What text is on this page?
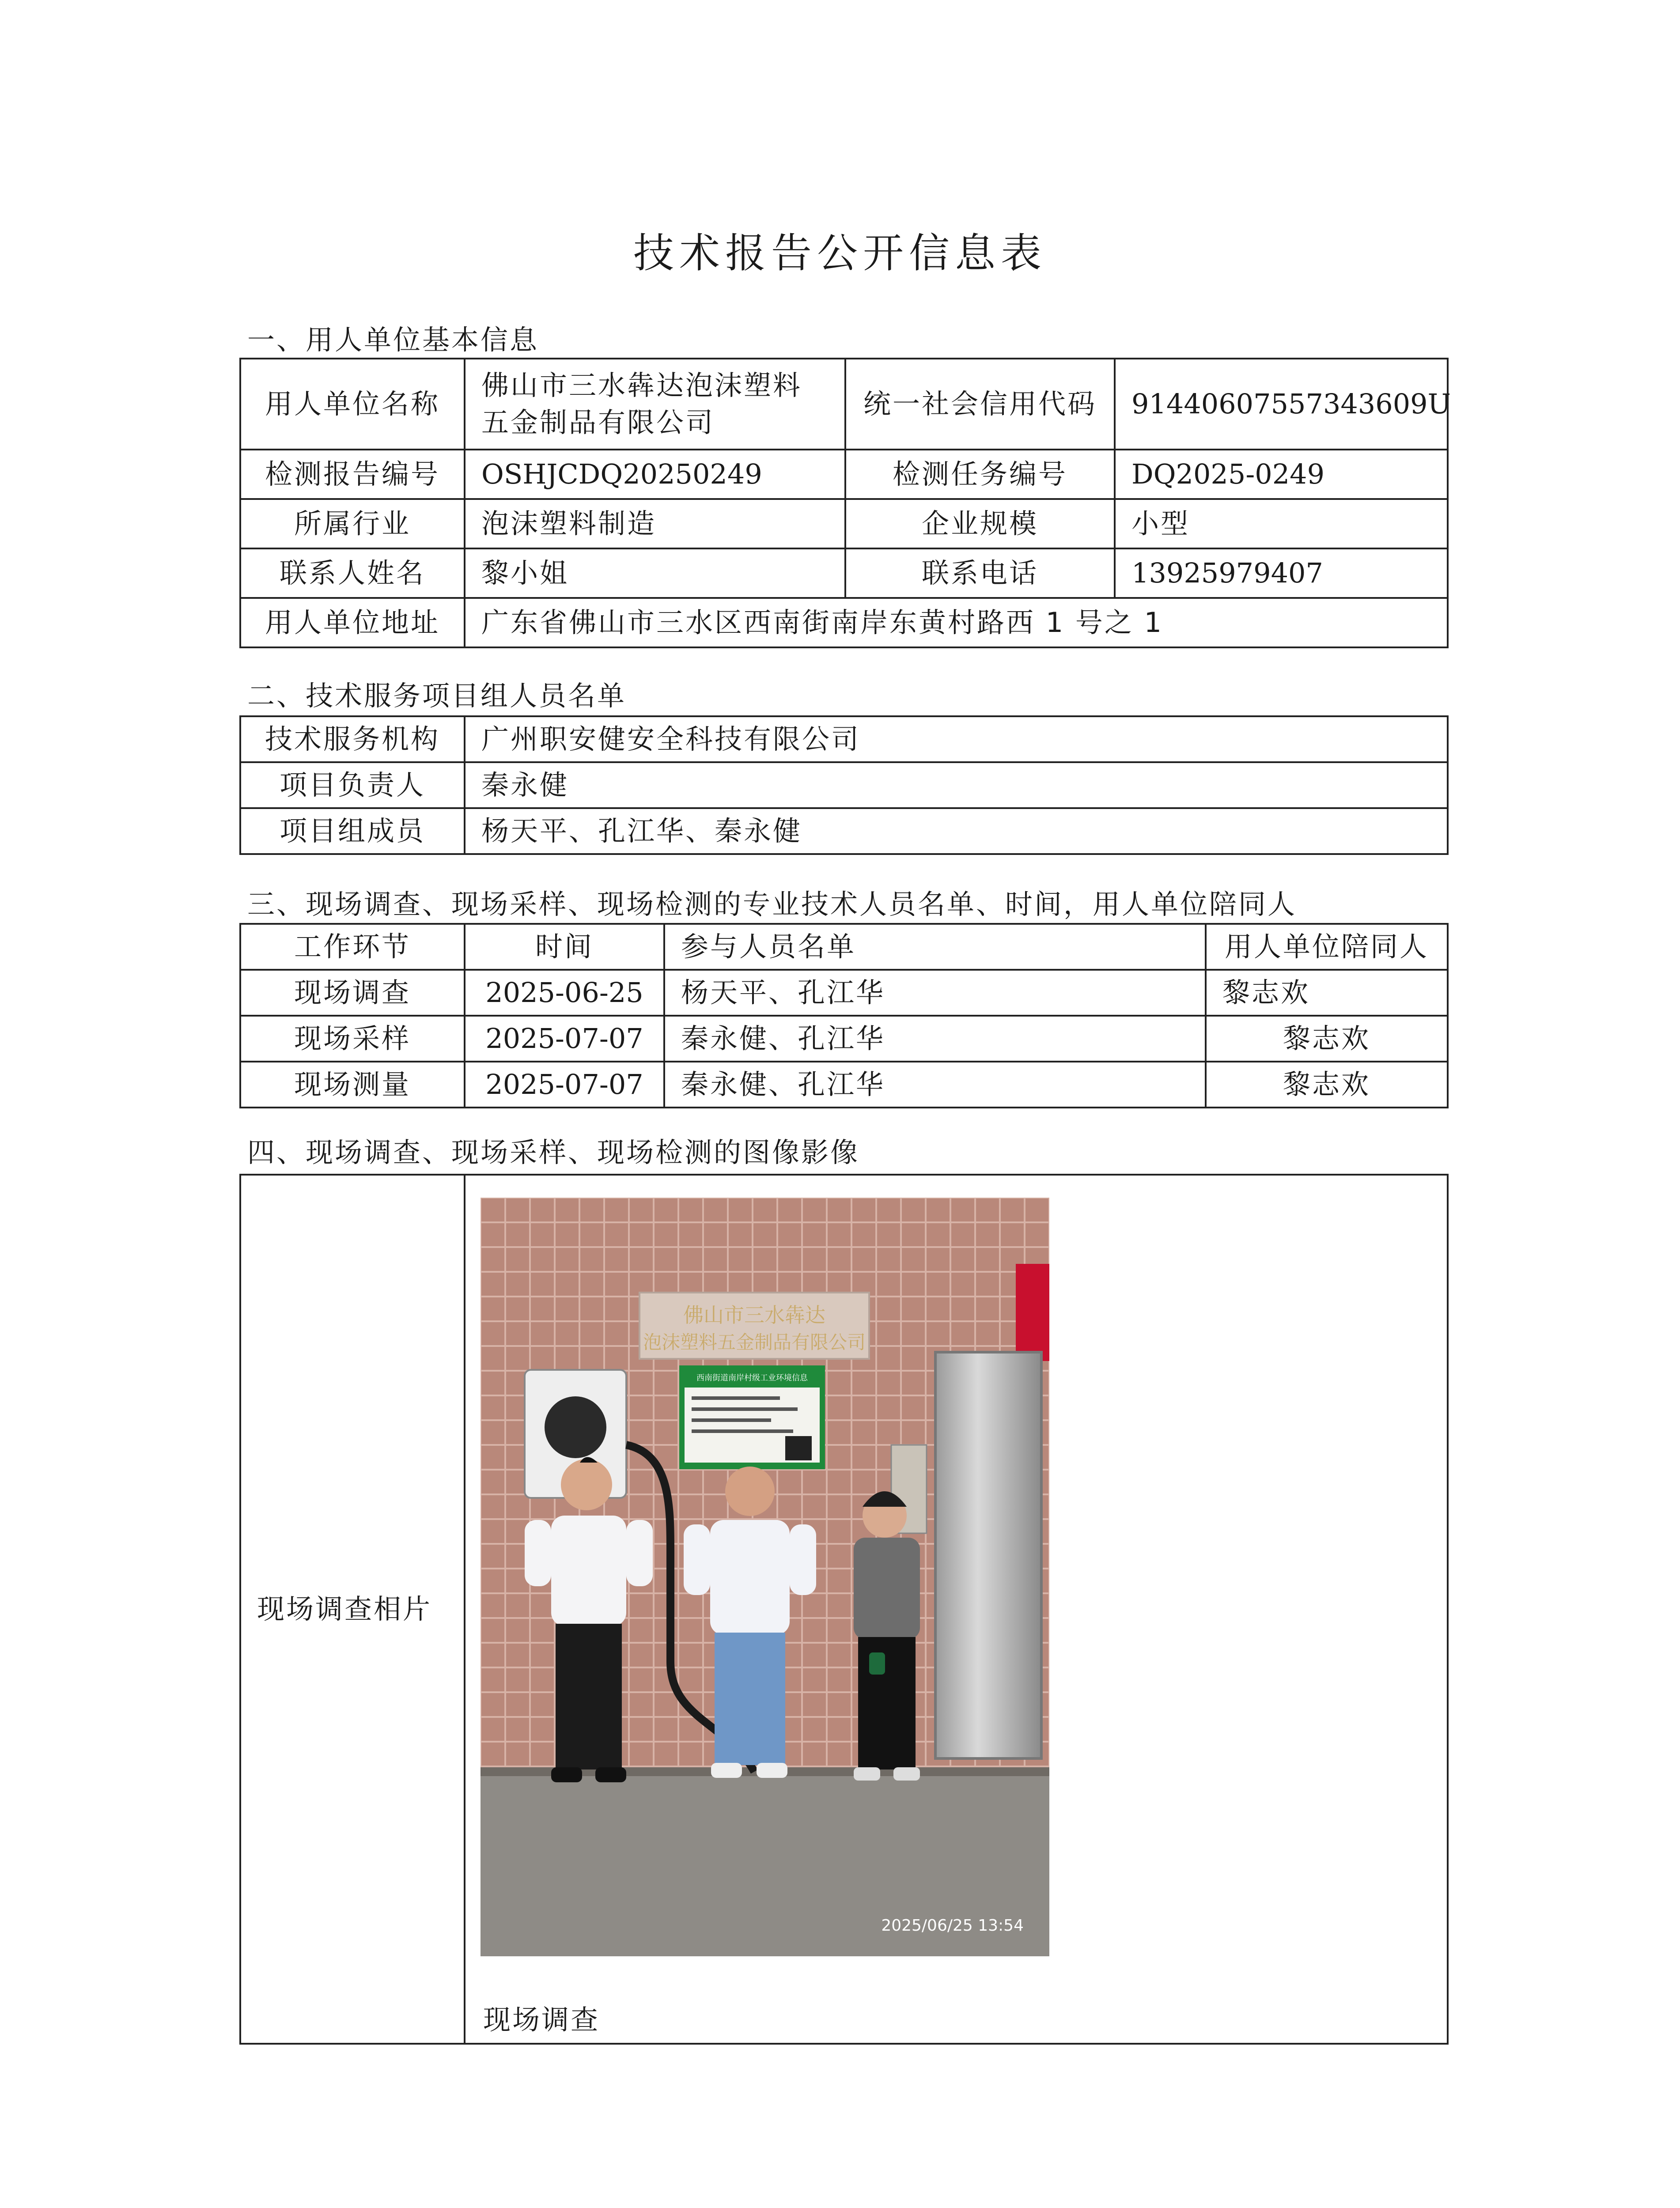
技术报告公开信息表
一、用人单位基本信息
用人单位名称	佛山市三水犇达泡沫塑料五金制品有限公司	统一社会信用代码	91440607557343609U
检测报告编号	OSHJCDQ20250249	检测任务编号	DQ2025-0249
所属行业	泡沫塑料制造	企业规模	小型
联系人姓名	黎小姐	联系电话	13925979407
用人单位地址	广东省佛山市三水区西南街南岸东黄村路西 1 号之 1		
二、技术服务项目组人员名单
技术服务机构	广州职安健安全科技有限公司
项目负责人	秦永健
项目组成员	杨天平、孔江华、秦永健
三、现场调查、现场采样、现场检测的专业技术人员名单、时间，用人单位陪同人
工作环节	时间	参与人员名单	用人单位陪同人
现场调查	2025-06-25	杨天平、孔江华	黎志欢
现场采样	2025-07-07	秦永健、孔江华	黎志欢
现场测量	2025-07-07	秦永健、孔江华	黎志欢
四、现场调查、现场采样、现场检测的图像影像
现场调查相片	
佛山市三水犇达
泡沫塑料五金制品有限公司
西南街道南岸村级工业环境信息
2025/06/25 13:54
现场调查
